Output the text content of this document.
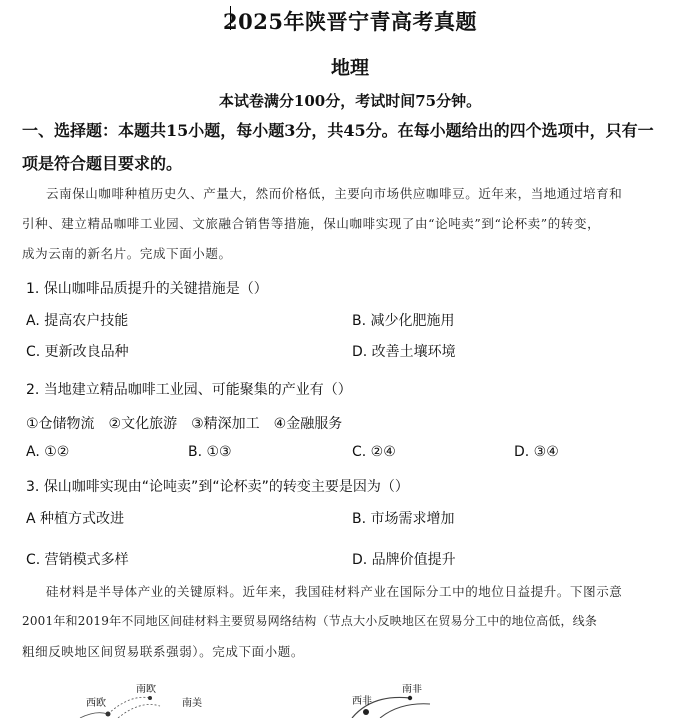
2025年陕晋宁青高考真题
地理
本试卷满分100分，考试时间75分钟。
一、选择题：本题共15小题，每小题3分，共45分。在每小题给出的四个选项中，只有一
项是符合题目要求的。
云南保山咖啡种植历史久、产量大，然而价格低，主要向市场供应咖啡豆。近年来，当地通过培育和
引种、建立精品咖啡工业园、文旅融合销售等措施，保山咖啡实现了由“论吨卖”到“论杯卖”的转变，
成为云南的新名片。完成下面小题。
1. 保山咖啡品质提升的关键措施是（）
A. 提高农户技能	B. 减少化肥施用
C. 更新改良品种	D. 改善土壤环境
2. 当地建立精品咖啡工业园、可能聚集的产业有（）
①仓储物流　②文化旅游　③精深加工　④金融服务
A. ①②	B. ①③	C. ②④	D. ③④
3. 保山咖啡实现由“论吨卖”到“论杯卖”的转变主要是因为（）
A 种植方式改进	B. 市场需求增加
C. 营销模式多样	D. 品牌价值提升
硅材料是半导体产业的关键原料。近年来，我国硅材料产业在国际分工中的地位日益提升。下图示意
2001年和2019年不同地区间硅材料主要贸易网络结构（节点大小反映地区在贸易分工中的地位高低，线条
粗细反映地区间贸易联系强弱）。完成下面小题。
南欧
西欧	南美	西非
南非
